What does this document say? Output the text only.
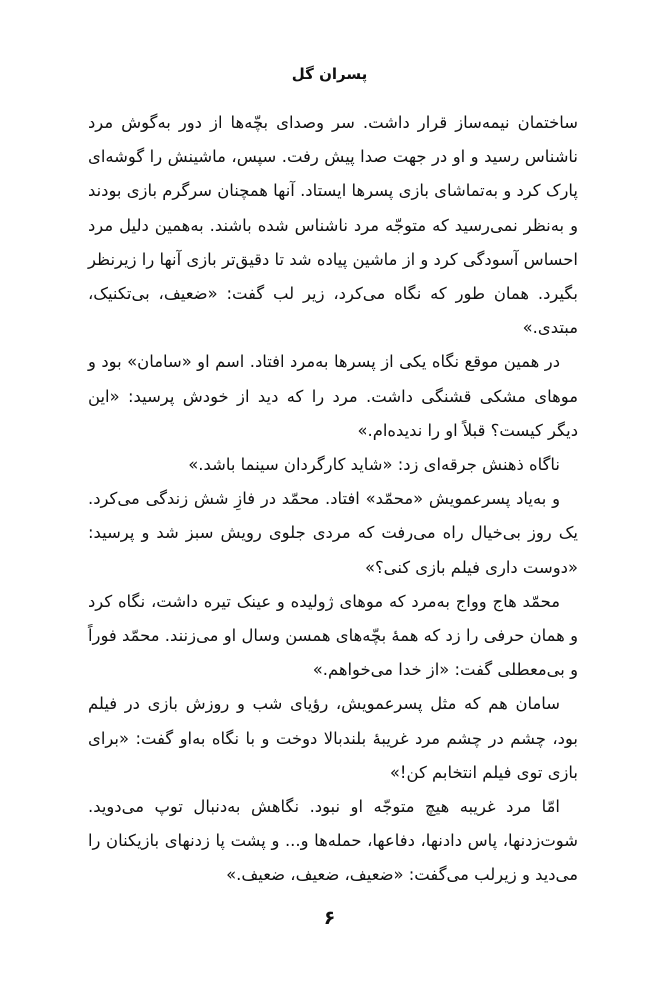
پسران گل

ساختمان نیمه‌ساز قرار داشت. سر وصدای بچّه‌ها از دور به‌گوش مرد ناشناس رسید و او در جهت صدا پیش رفت. سپس، ماشینش را گوشه‌ای پارک کرد و به‌تماشای بازی پسرها ایستاد. آنها همچنان سرگرم بازی بودند و به‌نظر نمی‌رسید که متوجّه مرد ناشناس شده باشند. به‌همین دلیل مرد احساس آسودگی کرد و از ماشین پیاده شد تا دقیق‌تر بازی آنها را زیرنظر بگیرد. همان طور که نگاه می‌کرد، زیر لب گفت: «ضعیف، بی‌تکنیک، مبتدی.»

در همین موقع نگاه یکی از پسرها به‌مرد افتاد. اسم او «سامان» بود و موهای مشکی قشنگی داشت. مرد را که دید از خودش پرسید: «این دیگر کیست؟ قبلاً او را ندیده‌ام.»

ناگاه ذهنش جرقه‌ای زد: «شاید کارگردان سینما باشد.»

و به‌یاد پسرعمویش «محمّد» افتاد. محمّد در فازِ شش زندگی می‌کرد. یک روز بی‌خیال راه می‌رفت که مردی جلوی رویش سبز شد و پرسید: «دوست داری فیلم بازی کنی؟»

محمّد هاج وواج به‌مرد که موهای ژولیده و عینک تیره داشت، نگاه کرد و همان حرفی را زد که همهٔ بچّه‌های همسن وسال او می‌زنند. محمّد فوراً و بی‌معطلی گفت: «از خدا می‌خواهم.»

سامان هم که مثل پسرعمویش، رؤیای شب و روزش بازی در فیلم بود، چشم در چشم مرد غریبهٔ بلندبالا دوخت و با نگاه به‌او گفت: «برای بازی توی فیلم انتخابم کن!»

امّا مرد غریبه هیچ متوجّه او نبود. نگاهش به‌دنبال توپ می‌دوید. شوت‌زدنها، پاس دادنها، دفاعها، حمله‌ها و... و پشت پا زدنهای بازیکنان را می‌دید و زیرلب می‌گفت: «ضعیف، ضعیف، ضعیف.»

۶
